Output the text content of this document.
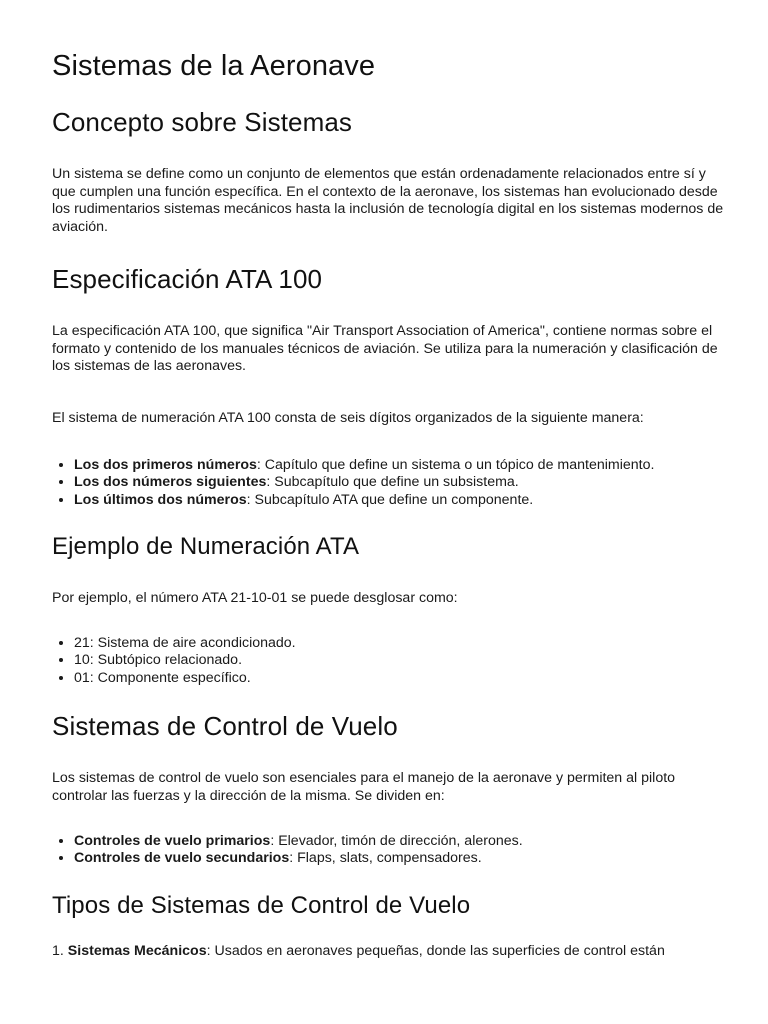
Sistemas de la Aeronave
Concepto sobre Sistemas

Un sistema se define como un conjunto de elementos que están ordenadamente relacionados entre sí y que cumplen una función específica. En el contexto de la aeronave, los sistemas han evolucionado desde los rudimentarios sistemas mecánicos hasta la inclusión de tecnología digital en los sistemas modernos de aviación.

Especificación ATA 100

La especificación ATA 100, que significa "Air Transport Association of America", contiene normas sobre el formato y contenido de los manuales técnicos de aviación. Se utiliza para la numeración y clasificación de los sistemas de las aeronaves.

El sistema de numeración ATA 100 consta de seis dígitos organizados de la siguiente manera:

• Los dos primeros números: Capítulo que define un sistema o un tópico de mantenimiento.
• Los dos números siguientes: Subcapítulo que define un subsistema.
• Los últimos dos números: Subcapítulo ATA que define un componente.
Ejemplo de Numeración ATA

Por ejemplo, el número ATA 21-10-01 se puede desglosar como:

• 21: Sistema de aire acondicionado.
• 10: Subtópico relacionado.
• 01: Componente específico.
Sistemas de Control de Vuelo

Los sistemas de control de vuelo son esenciales para el manejo de la aeronave y permiten al piloto controlar las fuerzas y la dirección de la misma. Se dividen en:

• Controles de vuelo primarios: Elevador, timón de dirección, alerones.
• Controles de vuelo secundarios: Flaps, slats, compensadores.
Tipos de Sistemas de Control de Vuelo

1. Sistemas Mecánicos: Usados en aeronaves pequeñas, donde las superficies de control están
